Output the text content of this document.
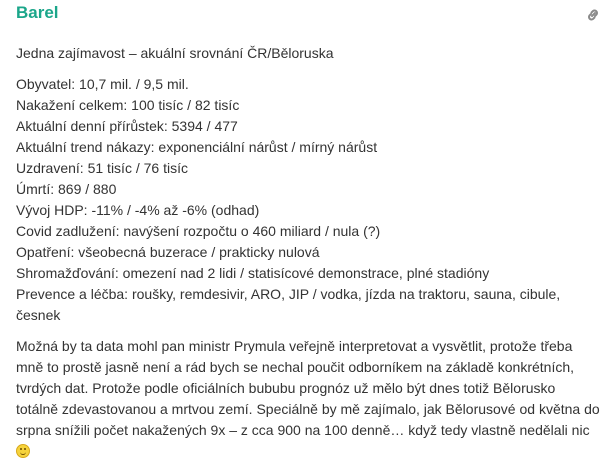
Barel

Jedna zajímavost – akuální srovnání ČR/Běloruska

Obyvatel: 10,7 mil. / 9,5 mil.
Nakažení celkem: 100 tisíc / 82 tisíc
Aktuální denní přírůstek: 5394 / 477
Aktuální trend nákazy: exponenciální nárůst / mírný nárůst
Uzdravení: 51 tisíc / 76 tisíc
Úmrtí: 869 / 880
Vývoj HDP: -11% / -4% až -6% (odhad)
Covid zadlužení: navýšení rozpočtu o 460 miliard / nula (?)
Opatření: všeobecná buzerace / prakticky nulová
Shromažďování: omezení nad 2 lidi / statisícové demonstrace, plné stadióny
Prevence a léčba: roušky, remdesivir, ARO, JIP / vodka, jízda na traktoru, sauna, cibule, česnek

Možná by ta data mohl pan ministr Prymula veřejně interpretovat a vysvětlit, protože třeba mně to prostě jasně není a rád bych se nechal poučit odborníkem na základě konkrétních, tvrdých dat. Protože podle oficiálních bububu prognóz už mělo být dnes totiž Bělorusko totálně zdevastovanou a mrtvou zemí. Speciálně by mě zajímalo, jak Bělorusové od května do srpna snížili počet nakažených 9x – z cca 900 na 100 denně… když tedy vlastně nedělali nic
